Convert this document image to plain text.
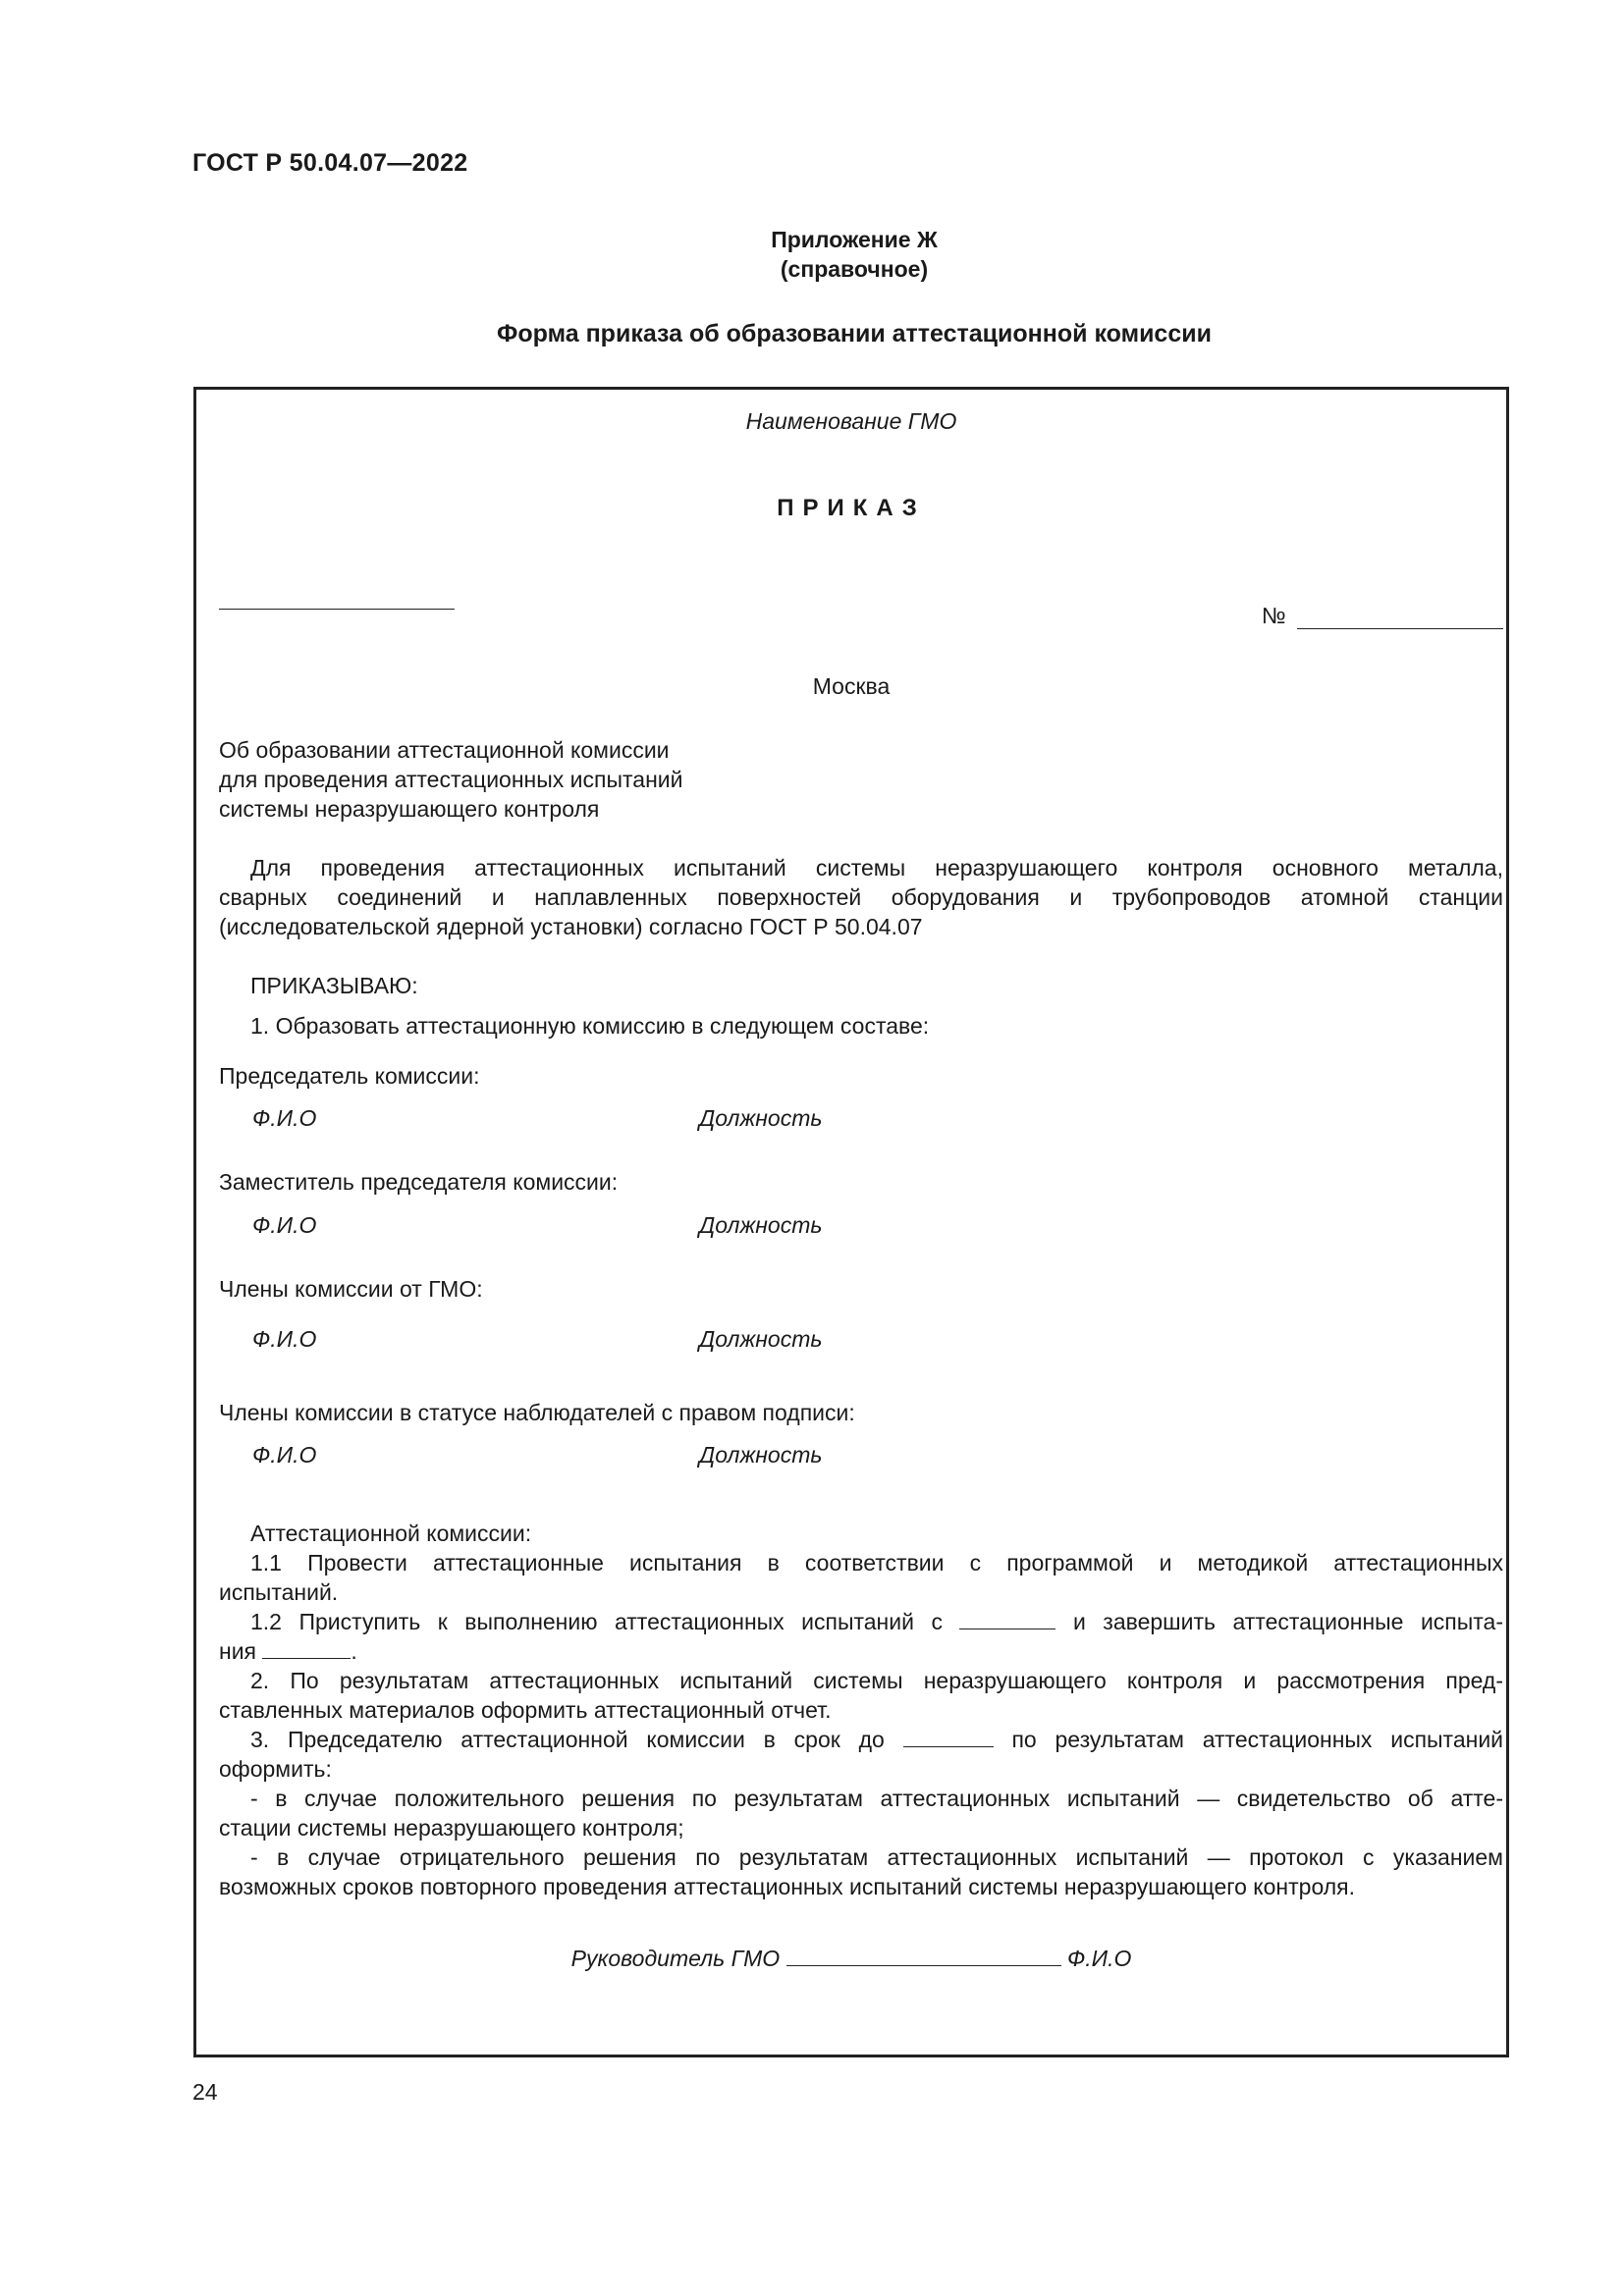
ГОСТ Р 50.04.07—2022
Приложение Ж
(справочное)
Форма приказа об образовании аттестационной комиссии
Наименование ГМО
ПРИКАЗ
№
Москва
Об образовании аттестационной комиссии
для проведения аттестационных испытаний
системы неразрушающего контроля
Для проведения аттестационных испытаний системы неразрушающего контроля основного металла,
сварных соединений и наплавленных поверхностей оборудования и трубопроводов атомной станции
(исследовательской ядерной установки) согласно ГОСТ Р 50.04.07
ПРИКАЗЫВАЮ:
1. Образовать аттестационную комиссию в следующем составе:
Председатель комиссии:
Ф.И.О	Должность
Заместитель председателя комиссии:
Ф.И.О	Должность
Члены комиссии от ГМО:
Ф.И.О	Должность
Члены комиссии в статусе наблюдателей с правом подписи:
Ф.И.О	Должность
Аттестационной комиссии:
1.1 Провести аттестационные испытания в соответствии с программой и методикой аттестационных
испытаний.
1.2 Приступить к выполнению аттестационных испытаний с	и завершить аттестационные испыта-
ния	.
2. По результатам аттестационных испытаний системы неразрушающего контроля и рассмотрения пред-
ставленных материалов оформить аттестационный отчет.
3. Председателю аттестационной комиссии в срок до	по результатам аттестационных испытаний
оформить:
- в случае положительного решения по результатам аттестационных испытаний — свидетельство об атте-
стации системы неразрушающего контроля;
- в случае отрицательного решения по результатам аттестационных испытаний — протокол с указанием
возможных сроков повторного проведения аттестационных испытаний системы неразрушающего контроля.
Руководитель ГМО	Ф.И.О
24
